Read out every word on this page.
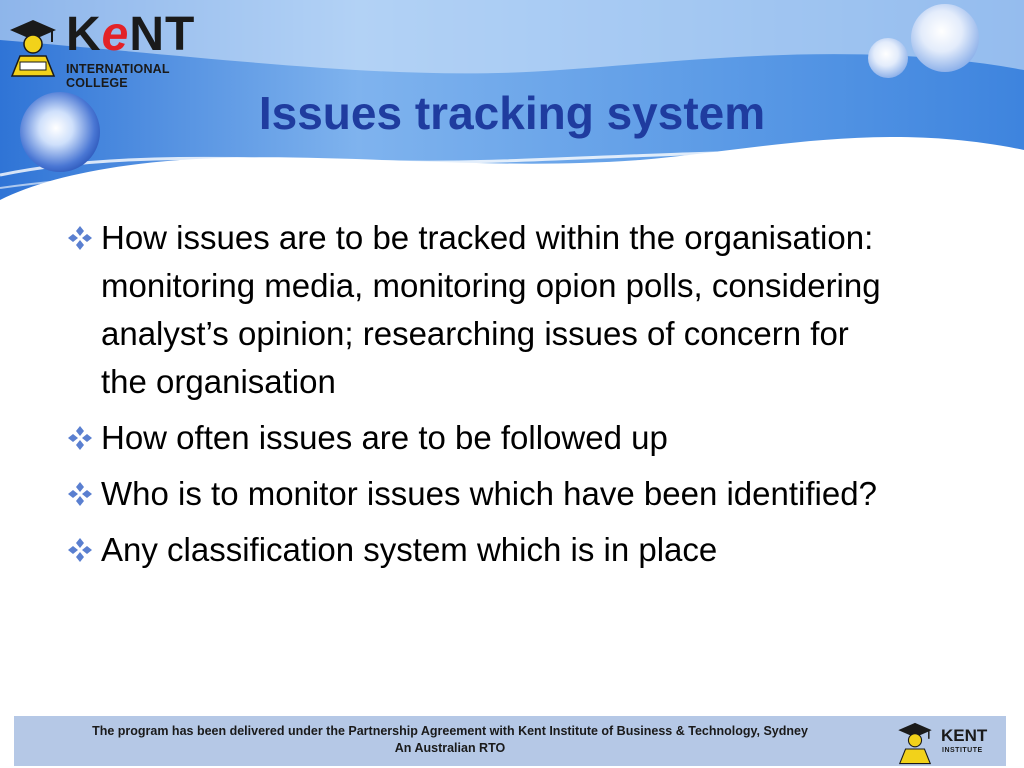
KeNT
INTERNATIONAL COLLEGE
Issues tracking system
How issues are to be tracked within the organisation: monitoring media, monitoring opion polls, considering analyst’s opinion; researching issues of concern for the organisation
How often issues are to be followed up
Who is to monitor issues which have been identified?
Any classification system which is in place
The program has been delivered under the Partnership Agreement with Kent Institute of Business & Technology, Sydney
An Australian RTO
KENT
INSTITUTE
